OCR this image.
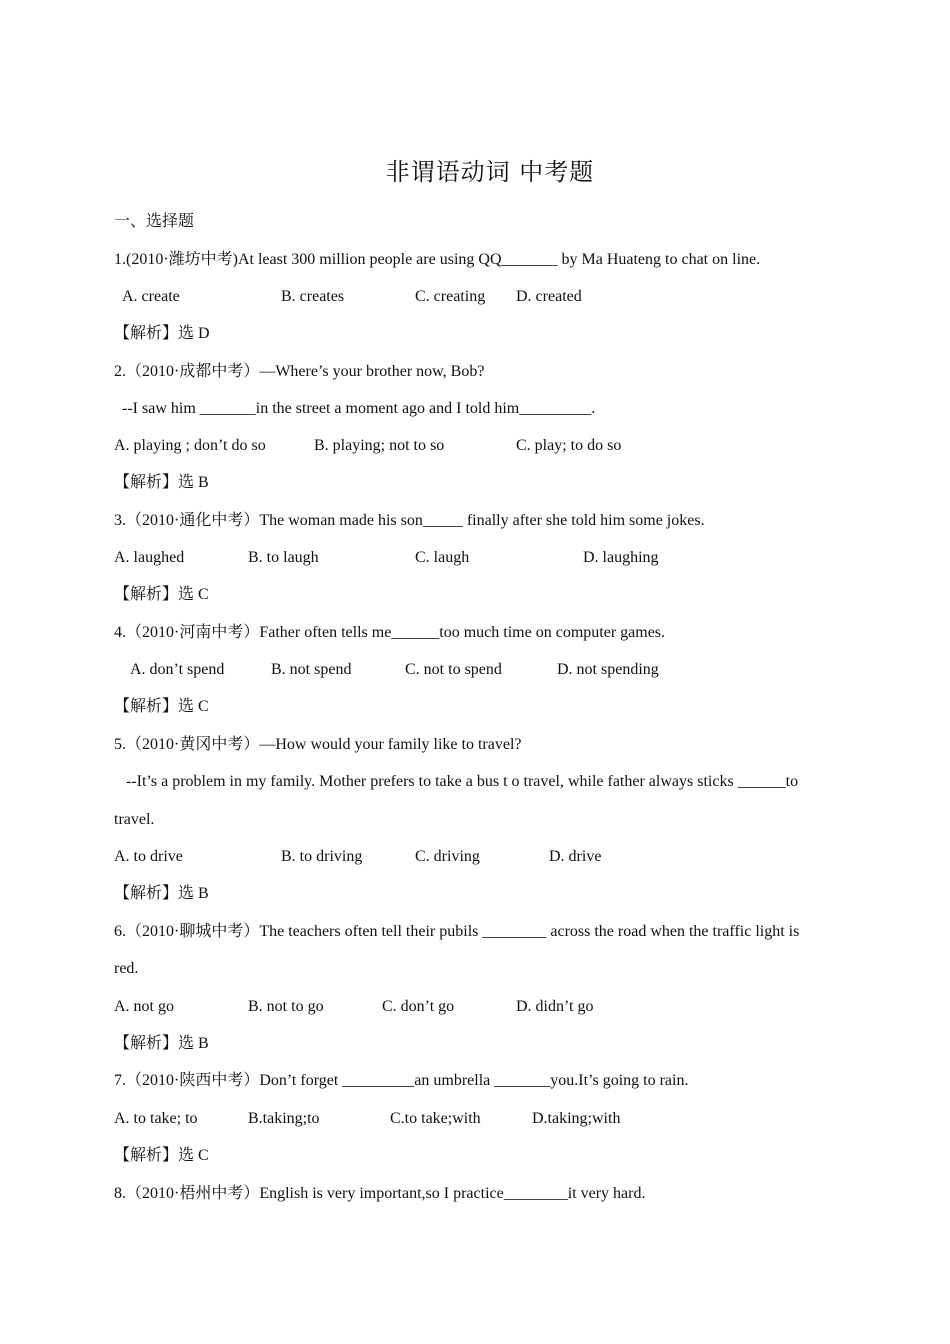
非谓语动词 中考题
一、选择题
1.(2010·潍坊中考)At least 300 million people are using QQ_______ by Ma Huateng to chat on line.

A. create

	B. creates

	C. creating

D. created

【解析】选 D
2.（2010·成都中考）—Where’s your brother now, Bob?
--I saw him _______in the street a moment ago and I told him_________.

A. playing ; don’t do so

	B. playing; not to so

	C. play; to do so

【解析】选 B
3.（2010·通化中考）The woman made his son_____ finally after she told him some jokes.

A. laughed

	B. to laugh

	C. laugh

	D. laughing

【解析】选 C
4.（2010·河南中考）Father often tells me______too much time on computer games.

A. don’t spend

	B. not spend

	C. not to spend

	D. not spending

【解析】选 C
5.（2010·黄冈中考）—How would your family like to travel?
--It’s a problem in my family. Mother prefers to take a bus t o travel, while father always sticks ______to
travel.

A. to drive

	B. to driving

	C. driving

	D. drive

【解析】选 B
6.（2010·聊城中考）The teachers often tell their pubils ________ across the road when the traffic light is
red.

A. not go

	B. not to go

	C. don’t go

	D. didn’t go

【解析】选 B
7.（2010·陕西中考）Don’t forget _________an umbrella _______you.It’s going to rain.

A. to take; to

	B.taking;to

	C.to take;with

	D.taking;with

【解析】选 C
8.（2010·梧州中考）English is very important,so I practice________it very hard.
